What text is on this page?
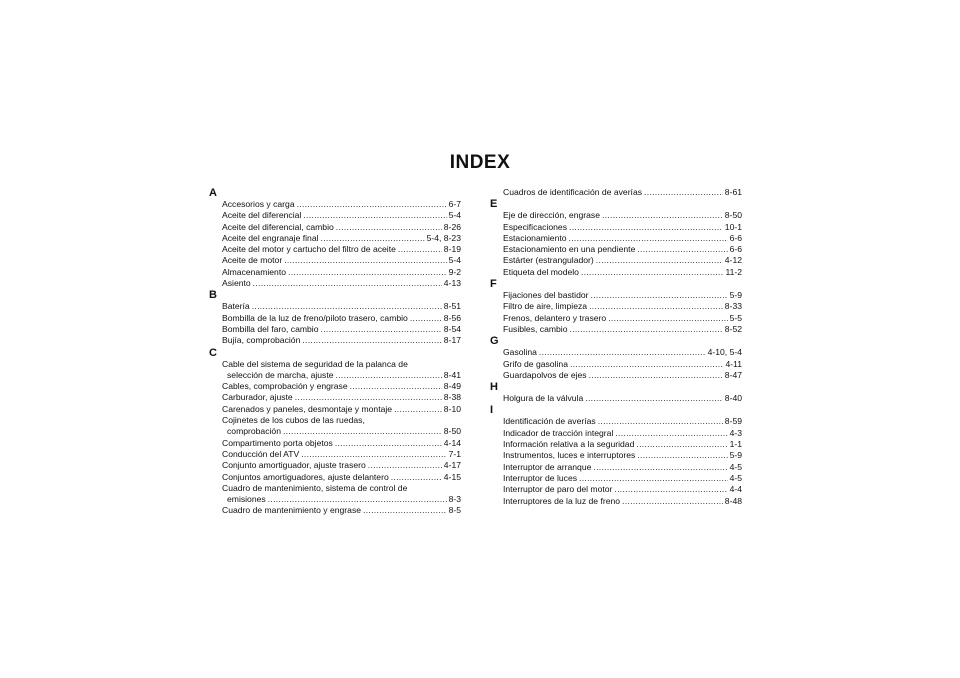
INDEX
A
Accesorios y carga .....	6-7
Aceite del diferencial .....	5-4
Aceite del diferencial, cambio .....	8-26
Aceite del engranaje final .....	5-4, 8-23
Aceite del motor y cartucho del filtro de aceite .....	8-19
Aceite de motor .....	5-4
Almacenamiento .....	9-2
Asiento .....	4-13
B
Batería .....	8-51
Bombilla de la luz de freno/piloto trasero, cambio .....	8-56
Bombilla del faro, cambio .....	8-54
Bujía, comprobación .....	8-17
C
Cable del sistema de seguridad de la palanca de
selección de marcha, ajuste .....	8-41
Cables, comprobación y engrase .....	8-49
Carburador, ajuste .....	8-38
Carenados y paneles, desmontaje y montaje .....	8-10
Cojinetes de los cubos de las ruedas,
comprobación .....	8-50
Compartimento porta objetos .....	4-14
Conducción del ATV .....	7-1
Conjunto amortiguador, ajuste trasero .....	4-17
Conjuntos amortiguadores, ajuste delantero .....	4-15
Cuadro de mantenimiento, sistema de control de
emisiones .....	8-3
Cuadro de mantenimiento y engrase .....	8-5
Cuadros de identificación de averías .....	8-61
E
Eje de dirección, engrase .....	8-50
Especificaciones .....	10-1
Estacionamiento .....	6-6
Estacionamiento en una pendiente .....	6-6
Estárter (estrangulador) .....	4-12
Etiqueta del modelo .....	11-2
F
Fijaciones del bastidor .....	5-9
Filtro de aire, limpieza .....	8-33
Frenos, delantero y trasero .....	5-5
Fusibles, cambio .....	8-52
G
Gasolina .....	4-10, 5-4
Grifo de gasolina .....	4-11
Guardapolvos de ejes .....	8-47
H
Holgura de la válvula .....	8-40
I
Identificación de averías .....	8-59
Indicador de tracción integral .....	4-3
Información relativa a la seguridad .....	1-1
Instrumentos, luces e interruptores .....	5-9
Interruptor de arranque .....	4-5
Interruptor de luces .....	4-5
Interruptor de paro del motor .....	4-4
Interruptores de la luz de freno .....	8-48
